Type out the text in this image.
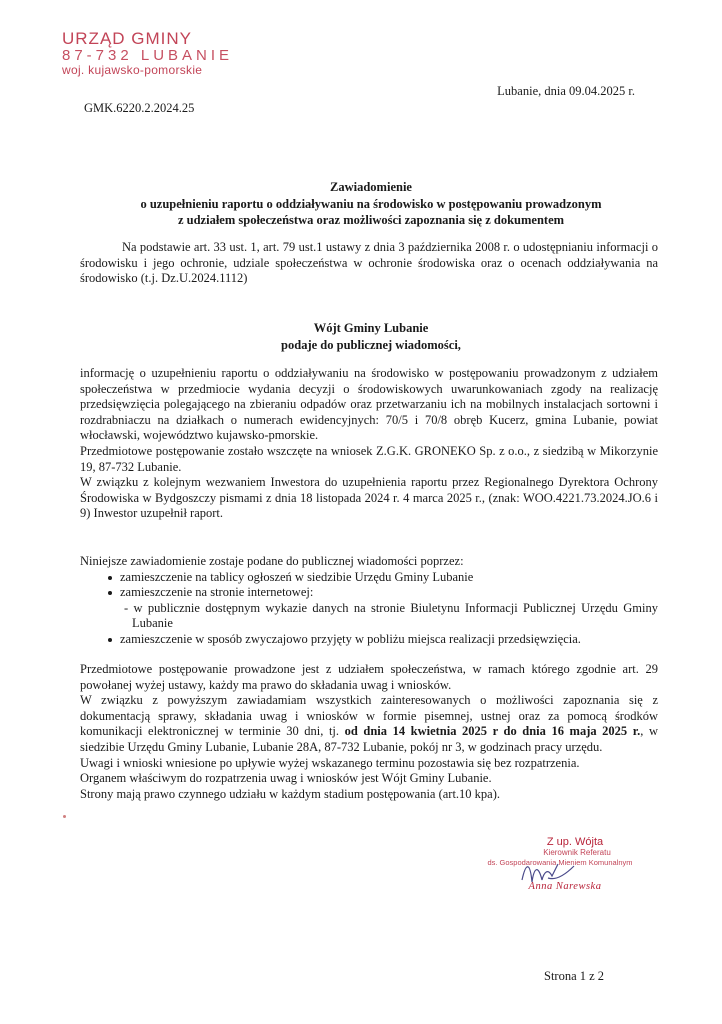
URZĄD GMINY
87-732 LUBANIE
woj. kujawsko-pomorskie
Lubanie, dnia 09.04.2025 r.
GMK.6220.2.2024.25
Zawiadomienie
o uzupełnieniu raportu o oddziaływaniu na środowisko w postępowaniu prowadzonym
z udziałem społeczeństwa oraz możliwości zapoznania się z dokumentem

Na podstawie art. 33 ust. 1, art. 79 ust.1 ustawy z dnia 3 października 2008 r. o udostępnianiu informacji o środowisku i jego ochronie, udziale społeczeństwa w ochronie środowiska oraz o ocenach oddziaływania na środowisko (t.j. Dz.U.2024.1112)

Wójt Gminy Lubanie
podaje do publicznej wiadomości,

informację o uzupełnieniu raportu o oddziaływaniu na środowisko w postępowaniu prowadzonym z udziałem społeczeństwa w przedmiocie wydania decyzji o środowiskowych uwarunkowaniach zgody na realizację przedsięwzięcia polegającego na zbieraniu odpadów oraz przetwarzaniu ich na mobilnych instalacjach sortowni i rozdrabniaczu na działkach o numerach ewidencyjnych: 70/5 i 70/8 obręb Kucerz, gmina Lubanie, powiat włocławski, województwo kujawsko-pmorskie.

Przedmiotowe postępowanie zostało wszczęte na wniosek Z.G.K. GRONEKO Sp. z o.o., z siedzibą w Mikorzynie 19, 87-732 Lubanie.

W związku z kolejnym wezwaniem Inwestora do uzupełnienia raportu przez Regionalnego Dyrektora Ochrony Środowiska w Bydgoszczy pismami z dnia 18 listopada 2024 r. 4 marca 2025 r., (znak: WOO.4221.73.2024.JO.6 i 9) Inwestor uzupełnił raport.

Niniejsze zawiadomienie zostaje podane do publicznej wiadomości poprzez:

zamieszczenie na tablicy ogłoszeń w siedzibie Urzędu Gminy Lubanie
zamieszczenie na stronie internetowej:
- w publicznie dostępnym wykazie danych na stronie Biuletynu Informacji Publicznej Urzędu Gminy Lubanie
zamieszczenie w sposób zwyczajowo przyjęty w pobliżu miejsca realizacji przedsięwzięcia.

Przedmiotowe postępowanie prowadzone jest z udziałem społeczeństwa, w ramach którego zgodnie art. 29 powołanej wyżej ustawy, każdy ma prawo do składania uwag i wniosków.

W związku z powyższym zawiadamiam wszystkich zainteresowanych o możliwości zapoznania się z dokumentacją sprawy, składania uwag i wniosków w formie pisemnej, ustnej oraz za pomocą środków komunikacji elektronicznej w terminie 30 dni, tj. od dnia 14 kwietnia 2025 r do dnia 16 maja 2025 r., w siedzibie Urzędu Gminy Lubanie, Lubanie 28A, 87-732 Lubanie, pokój nr 3, w godzinach pracy urzędu.

Uwagi i wnioski wniesione po upływie wyżej wskazanego terminu pozostawia się bez rozpatrzenia.

Organem właściwym do rozpatrzenia uwag i wniosków jest Wójt Gminy Lubanie.

Strony mają prawo czynnego udziału w każdym stadium postępowania (art.10 kpa).

Z up. Wójta
Kierownik Referatu
ds. Gospodarowania Mieniem Komunalnym
Anna Narewska
Strona 1 z 2
